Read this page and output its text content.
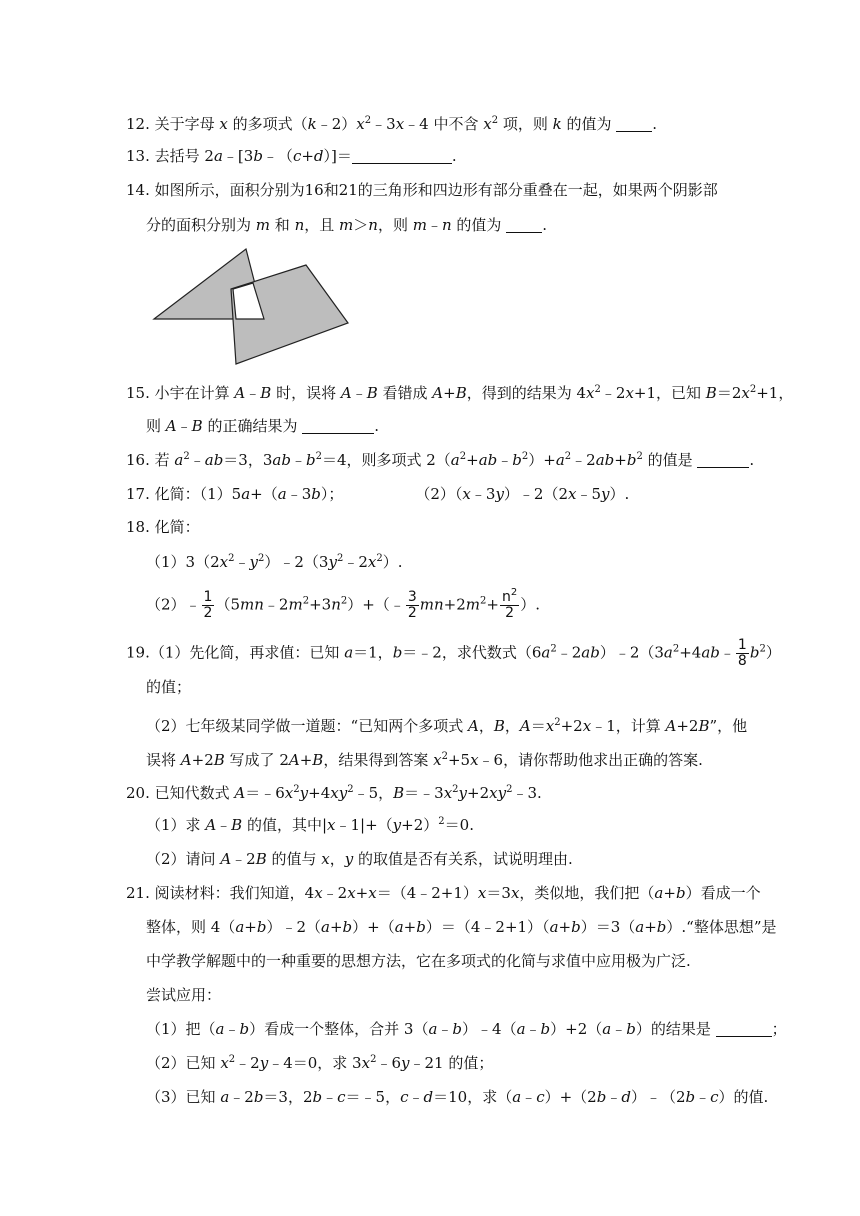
12. 关于字母 x 的多项式$(k﹣2)x^2﹣3x﹣4$ 中不含 $x^2$ 项，则 k 的值为 .
13. 去括号 2a﹣[3b﹣（c+d）]＝	.
14. 如图所示，面积分别为16和21的三角形和四边形有部分重叠在一起，如果两个阴影部
分的面积分别为 m 和 n，且 m＞n，则 m﹣n 的值为 .
15. 小宇在计算 A﹣B 时，误将 A﹣B 看错成 A+B，得到的结果为 $4x^2﹣2x+1$，已知 $B=2x^2+1$，
则 A﹣B 的正确结果为	.
16. 若 $a^2﹣ab=3$，$3ab﹣b^2=4$，则多项式 $2(a^2+ab﹣b^2)+a^2﹣2ab+b^2$ 的值是	.
17. 化简：（1）5a+（a﹣3b）；	（2）（x﹣3y）﹣2（2x﹣5y）.
18. 化简：
$(1)3(2x^2﹣y^2)﹣2(3y^2﹣2x^2)$.
（2）﹣ $\frac{1}{2}$ $(5mn﹣2m^2+3n^2)+(﹣ \frac{3}{2} mn+2m^2+ \frac{n^2}{2}$ ）.
19.（1）先化简，再求值：已知 a＝1，b＝﹣2，求代数式$(6a^2﹣2ab)﹣2(3a^2+4ab﹣ \frac{1}{8} b^2)$
的值；
（2）七年级某同学做一道题：“已知两个多项式 A，B，$A=x^2+2x﹣1$，计算 A+2B”，他
误将 A+2B 写成了 2A+B，结果得到答案 $x^2+5x﹣6$，请你帮助他求出正确的答案.
20. 已知代数式 $A=﹣6x^2y+4xy^2﹣5$，$B=﹣3x^2y+2xy^2﹣3$.
（1）求 A﹣B 的值，其中$|x﹣1|+(y+2)^2=0$.
（2）请问 A﹣2B 的值与 x，y 的取值是否有关系，试说明理由.
21. 阅读材料：我们知道，4x﹣2x+x＝（4﹣2+1）x＝3x，类似地，我们把（a+b）看成一个
整体，则 4（a+b）﹣2（a+b）+（a+b）＝（4﹣2+1）（a+b）＝3（a+b）.“整体思想”是
中学教学解题中的一种重要的思想方法，它在多项式的化简与求值中应用极为广泛.
尝试应用：
（1）把（a﹣b）看成一个整体，合并 3（a﹣b）﹣4（a﹣b）+2（a﹣b）的结果是	；
（2）已知 $x^2﹣2y﹣4=0$，求 $3x^2﹣6y﹣21$ 的值；
（3）已知 a﹣2b＝3，2b﹣c＝﹣5，c﹣d＝10，求（a﹣c）+（2b﹣d）﹣（2b﹣c）的值.
